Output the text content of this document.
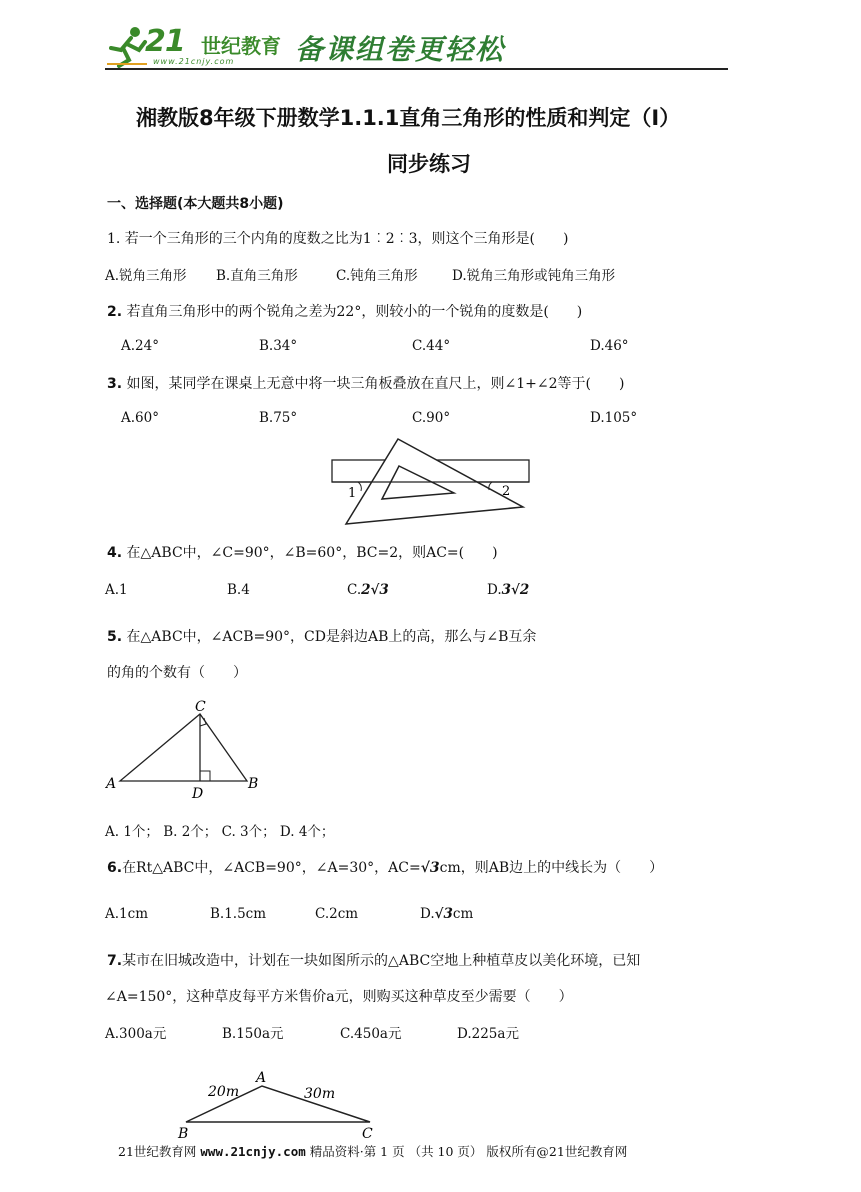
21 世纪教育
www.21cnjy.com 备课组卷更轻松
湘教版8年级下册数学1.1.1直角三角形的性质和判定（Ⅰ）
同步练习
一、选择题(本大题共8小题)
1. 若一个三角形的三个内角的度数之比为1︰2︰3，则这个三角形是(　　)
A.锐角三角形 B.直角三角形	C.钝角三角形	D.锐角三角形或钝角三角形
2. 若直角三角形中的两个锐角之差为22°，则较小的一个锐角的度数是(　　)
A.24°	B.34°	C.44°	D.46°
3. 如图，某同学在课桌上无意中将一块三角板叠放在直尺上，则∠1+∠2等于(　　)
A.60°	B.75°	C.90°	D.105°
1	2
4. 在△ABC中，∠C=90°，∠B=60°，BC=2，则AC=(　　)
A.1	B.4	C.2√3	D.3√2
5. 在△ABC中，∠ACB=90°，CD是斜边AB上的高，那么与∠B互余
的角的个数有（　　）
C
A
D
B
A. 1个； B. 2个； C. 3个； D. 4个；
6.在Rt△ABC中，∠ACB=90°，∠A=30°，AC=√3cm，则AB边上的中线长为（　　）
A.1cm	B.1.5cm	C.2cm	D.√3cm
7.某市在旧城改造中，计划在一块如图所示的△ABC空地上种植草皮以美化环境，已知
∠A=150°，这种草皮每平方米售价a元，则购买这种草皮至少需要（　　）
A.300a元	B.150a元	C.450a元	D.225a元
A
20m	30m
B	C
21世纪教育网 www.21cnjy.com 精品资料·第 1 页 （共 10 页） 版权所有@21世纪教育网
